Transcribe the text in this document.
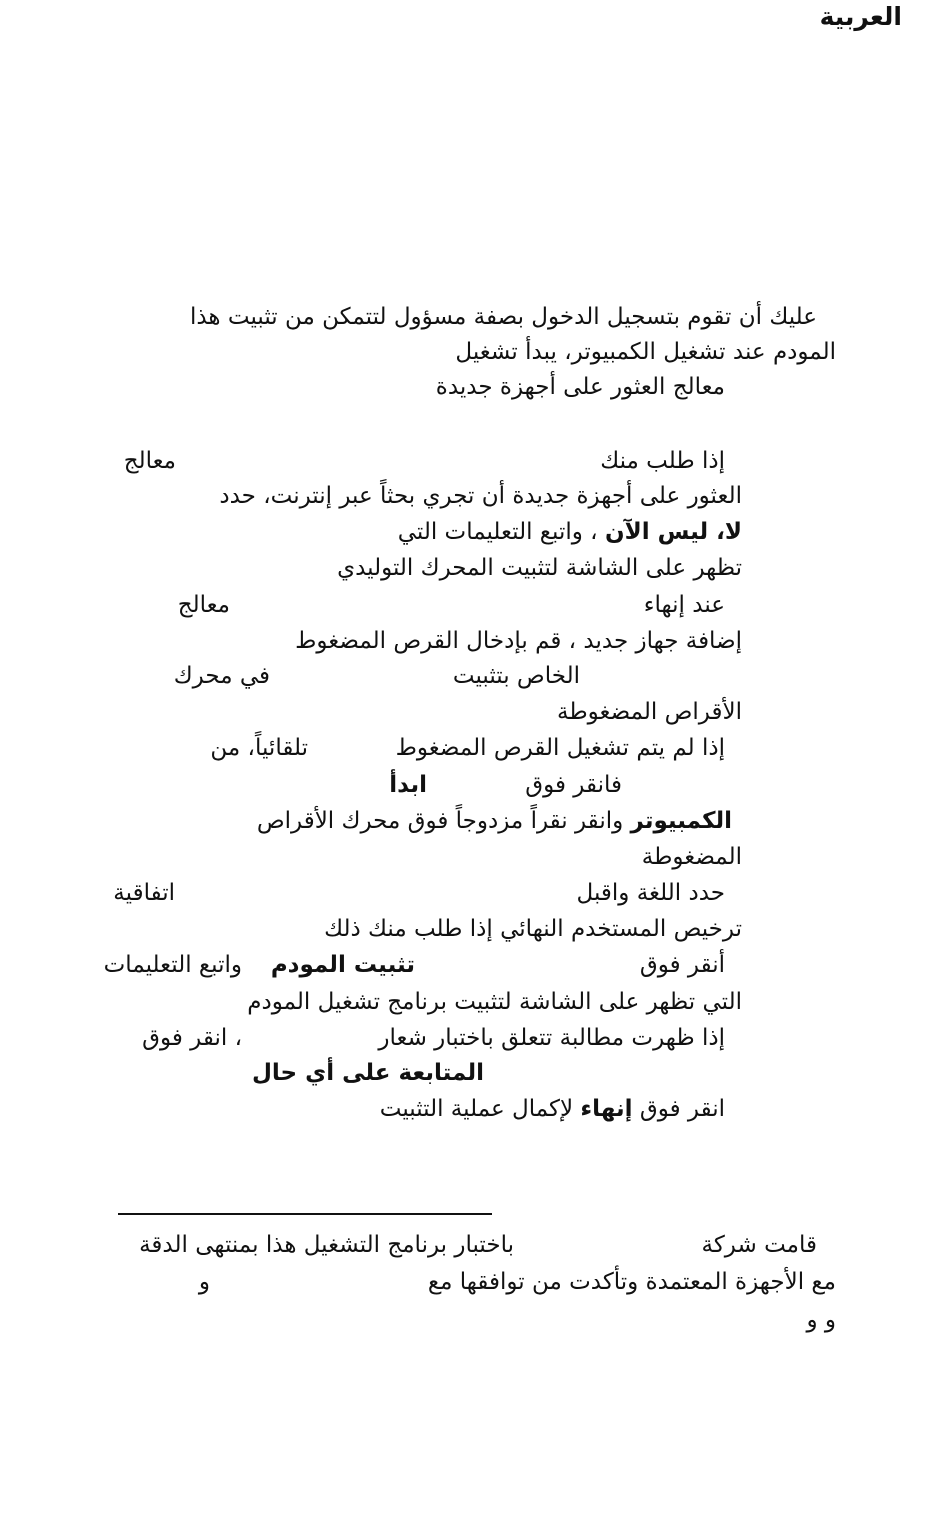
العربية
عليك أن تقوم بتسجيل الدخول بصفة مسؤول لتتمكن من تثبيت هذا
المودم عند تشغيل الكمبيوتر، يبدأ تشغيل
معالج العثور على أجهزة جديدة
إذا طلب منك
معالج
العثور على أجهزة جديدة أن تجري بحثاً عبر إنترنت، حدد
لا، ليس الآن ، واتبع التعليمات التي
تظهر على الشاشة لتثبيت المحرك التوليدي
عند إنهاء
معالج
إضافة جهاز جديد ، قم بإدخال القرص المضغوط
الخاص بتثبيت
في محرك
الأقراص المضغوطة
إذا لم يتم تشغيل القرص المضغوط
تلقائياً، من
فانقر فوق
ابدأ
الكمبيوتر وانقر نقراً مزدوجاً فوق محرك الأقراص
المضغوطة
حدد اللغة واقبل
اتفاقية
ترخيص المستخدم النهائي إذا طلب منك ذلك
أنقر فوق
تثبيت المودم
واتبع التعليمات
التي تظهر على الشاشة لتثبيت برنامج تشغيل المودم
إذا ظهرت مطالبة تتعلق باختبار شعار
، انقر فوق
المتابعة على أي حال
انقر فوق إنهاء لإكمال عملية التثبيت
قامت شركة
باختبار برنامج التشغيل هذا بمنتهى الدقة
مع الأجهزة المعتمدة وتأكدت من توافقها مع
و
و و
